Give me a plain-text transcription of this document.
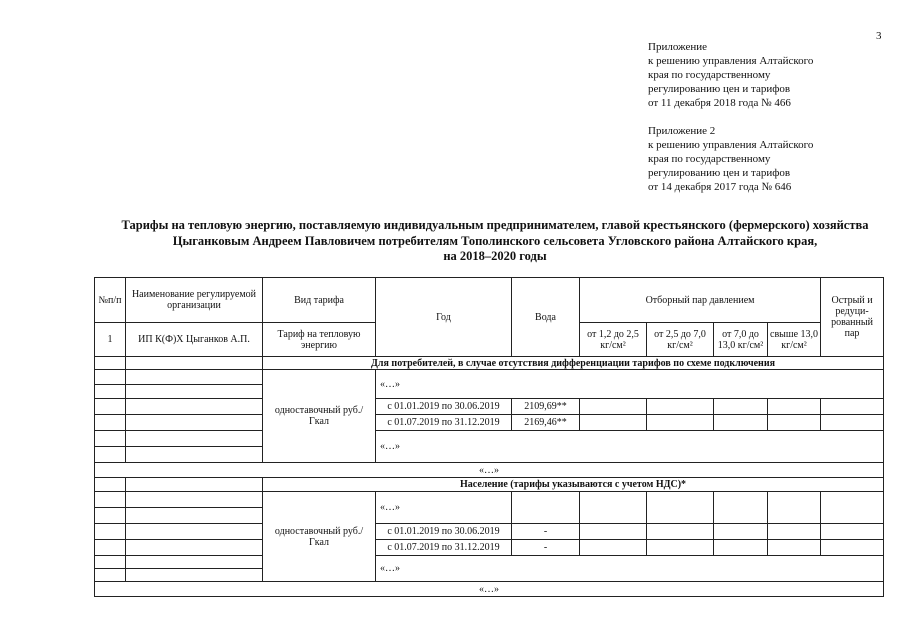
3
Приложение
к решению управления Алтайского
края по государственному
регулированию цен и тарифов
от 11 декабря 2018 года № 466
Приложение 2
к решению управления Алтайского
края по государственному
регулированию цен и тарифов
от 14 декабря 2017 года № 646
Тарифы на тепловую энергию, поставляемую индивидуальным предпринимателем, главой крестьянского (фермерского) хозяйства
Цыганковым Андреем Павловичем потребителям Тополинского сельсовета Угловского района Алтайского края,
на 2018–2020 годы
№п/п	Наименование регулируемой организации	Вид тарифа	Год	Вода	Отборный пар давлением				Острый и редуци-рованный пар
1	ИП К(Ф)Х Цыганков А.П.	Тариф на тепловую энергию			от 1,2 до 2,5 кг/см²	от 2,5 до 7,0 кг/см²	от 7,0 до 13,0 кг/см²	свыше 13,0 кг/см²	
		Для потребителей, в случае отсутствия дифференциации тарифов по схеме подключения							
		одноставочный руб./Гкал	«…»						

			с 01.01.2019 по 30.06.2019	2109,69**					
			с 01.07.2019 по 31.12.2019	2169,46**					
			«…»						

«…»									
		Население (тарифы указываются с учетом НДС)*							
		одноставочный руб./Гкал	«…»						

			с 01.01.2019 по 30.06.2019	-					
			с 01.07.2019 по 31.12.2019	-					
			«…»						

«…»									
